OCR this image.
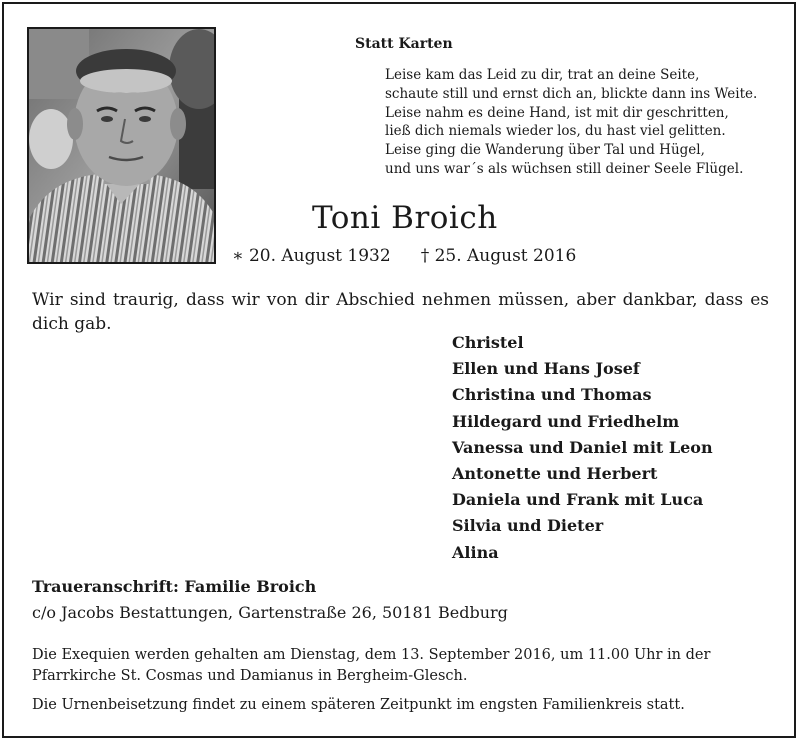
Statt Karten
Leise kam das Leid zu dir, trat an deine Seite,
schaute still und ernst dich an, blickte dann ins Weite.
Leise nahm es deine Hand, ist mit dir geschritten,
ließ dich niemals wieder los, du hast viel gelitten.
Leise ging die Wanderung über Tal und Hügel,
und uns war´s als wüchsen still deiner Seele Flügel.
Toni Broich
∗ 20. August 1932 † 25. August 2016
Wir sind traurig, dass wir von dir Abschied nehmen müssen, aber dankbar, dass es dich gab.
Christel
Ellen und Hans Josef
Christina und Thomas
Hildegard und Friedhelm
Vanessa und Daniel mit Leon
Antonette und Herbert
Daniela und Frank mit Luca
Silvia und Dieter
Alina
Traueranschrift: Familie Broich
c/o Jacobs Bestattungen, Gartenstraße 26, 50181 Bedburg
Die Exequien werden gehalten am Dienstag, dem 13. September 2016, um 11.00 Uhr in der Pfarrkirche St. Cosmas und Damianus in Bergheim-Glesch.
Die Urnenbeisetzung findet zu einem späteren Zeitpunkt im engsten Familienkreis statt.
